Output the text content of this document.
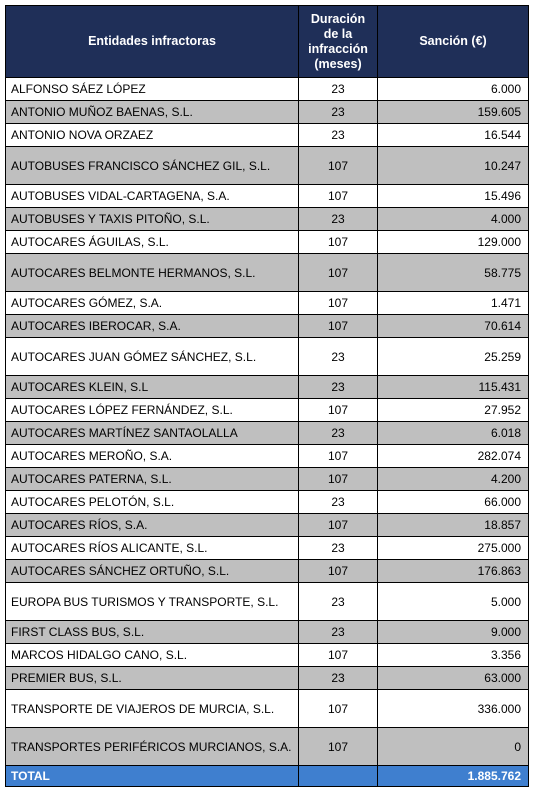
Entidades infractoras	Duración de la infracción (meses)	Sanción (€)
ALFONSO SÁEZ LÓPEZ	23	6.000
ANTONIO MUÑOZ BAENAS, S.L.	23	159.605
ANTONIO NOVA ORZAEZ	23	16.544
AUTOBUSES FRANCISCO SÁNCHEZ GIL, S.L.	107	10.247
AUTOBUSES VIDAL-CARTAGENA, S.A.	107	15.496
AUTOBUSES Y TAXIS PITOÑO, S.L.	23	4.000
AUTOCARES ÁGUILAS, S.L.	107	129.000
AUTOCARES BELMONTE HERMANOS, S.L.	107	58.775
AUTOCARES GÓMEZ, S.A.	107	1.471
AUTOCARES IBEROCAR, S.A.	107	70.614
AUTOCARES JUAN GÓMEZ SÁNCHEZ, S.L.	23	25.259
AUTOCARES KLEIN, S.L	23	115.431
AUTOCARES LÓPEZ FERNÁNDEZ, S.L.	107	27.952
AUTOCARES MARTÍNEZ SANTAOLALLA	23	6.018
AUTOCARES MEROÑO, S.A.	107	282.074
AUTOCARES PATERNA, S.L.	107	4.200
AUTOCARES PELOTÓN, S.L.	23	66.000
AUTOCARES RÍOS, S.A.	107	18.857
AUTOCARES RÍOS ALICANTE, S.L.	23	275.000
AUTOCARES SÁNCHEZ ORTUÑO, S.L.	107	176.863
EUROPA BUS TURISMOS Y TRANSPORTE, S.L.	23	5.000
FIRST CLASS BUS, S.L.	23	9.000
MARCOS HIDALGO CANO, S.L.	107	3.356
PREMIER BUS, S.L.	23	63.000
TRANSPORTE DE VIAJEROS DE MURCIA, S.L.	107	336.000
TRANSPORTES PERIFÉRICOS MURCIANOS, S.A.	107	0
TOTAL		1.885.762
